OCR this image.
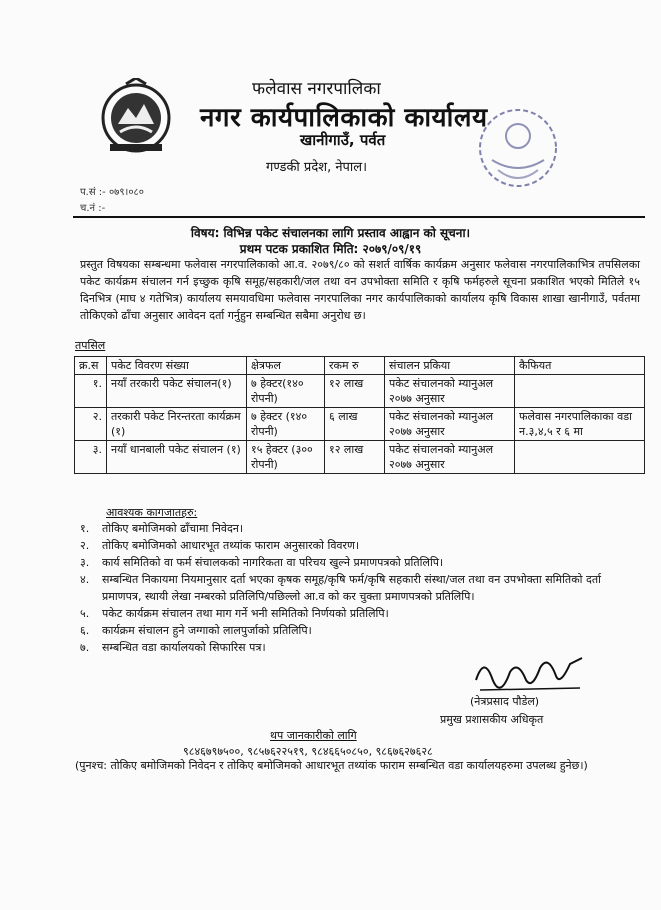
फलेवास नगरपालिका
नगर कार्यपालिकाको कार्यालय
खानीगाउँ, पर्वत
गण्डकी प्रदेश, नेपाल।
प.सं :- ०७९।०८०
च.नं :-
विषय: विभिन्न पकेट संचालनका लागि प्रस्ताव आह्वान को सूचना।
प्रथम पटक प्रकाशित मिति: २०७९/०९/१९
प्रस्तुत विषयका सम्बन्धमा फलेवास नगरपालिकाको आ.व. २०७९/८० को सशर्त वार्षिक कार्यक्रम अनुसार फलेवास नगरपालिकाभित्र तपसिलका पकेट कार्यक्रम संचालन गर्न इच्छुक कृषि समूह/सहकारी/जल तथा वन उपभोक्ता समिति र कृषि फर्महरुले सूचना प्रकाशित भएको मितिले १५ दिनभित्र (माघ ४ गतेभित्र) कार्यालय समयावधिमा फलेवास नगरपालिका नगर कार्यपालिकाको कार्यालय कृषि विकास शाखा खानीगाउँ, पर्वतमा तोकिएको ढाँचा अनुसार आवेदन दर्ता गर्नुहुन सम्बन्धित सबैमा अनुरोध छ।
तपसिल
क्र.स	पकेट विवरण संख्या	क्षेत्रफल	रकम रु	संचालन प्रकिया	कैफियत
१.	नयाँ तरकारी पकेट संचालन(१)	७ हेक्टर(१४० रोपनी)	१२ लाख	पकेट संचालनको म्यानुअल २०७७ अनुसार	
२.	तरकारी पकेट निरन्तरता कार्यक्रम (१)	७ हेक्टर (१४० रोपनी)	६ लाख	पकेट संचालनको म्यानुअल २०७७ अनुसार	फलेवास नगरपालिकाका वडा न.३,४,५ र ६ मा
३.	नयाँ धानबाली पकेट संचालन (१)	१५ हेक्टर (३०० रोपनी)	१२ लाख	पकेट संचालनको म्यानुअल २०७७ अनुसार	
आवश्यक कागजातहरु:
१.	तोकिए बमोजिमको ढाँचामा निवेदन।
२.	तोकिए बमोजिमको आधारभूत तथ्यांक फाराम अनुसारको विवरण।
३.	कार्य समितिको वा फर्म संचालकको नागरिकता वा परिचय खुल्ने प्रमाणपत्रको प्रतिलिपि।
४.	सम्बन्धित निकायमा नियमानुसार दर्ता भएका कृषक समूह/कृषि फर्म/कृषि सहकारी संस्था/जल तथा वन उपभोक्ता समितिको दर्ता प्रमाणपत्र, स्थायी लेखा नम्बरको प्रतिलिपि/पछिल्लो आ.व को कर चुक्ता प्रमाणपत्रको प्रतिलिपि।
५.	पकेट कार्यक्रम संचालन तथा माग गर्ने भनी समितिको निर्णयको प्रतिलिपि।
६.	कार्यक्रम संचालन हुने जग्गाको लालपुर्जाको प्रतिलिपि।
७.	सम्बन्धित वडा कार्यालयको सिफारिस पत्र।
(नेत्रप्रसाद पौडेल)
प्रमुख प्रशासकीय अधिकृत
थप जानकारीको लागि
९८४६७९७५००, ९८५७६२२५१९, ९८४६६५०८५०, ९८६७६२७६२८
(पुनश्च: तोकिए बमोजिमको निवेदन र तोकिए बमोजिमको आधारभूत तथ्यांक फाराम सम्बन्धित वडा कार्यालयहरुमा उपलब्ध हुनेछ।)
